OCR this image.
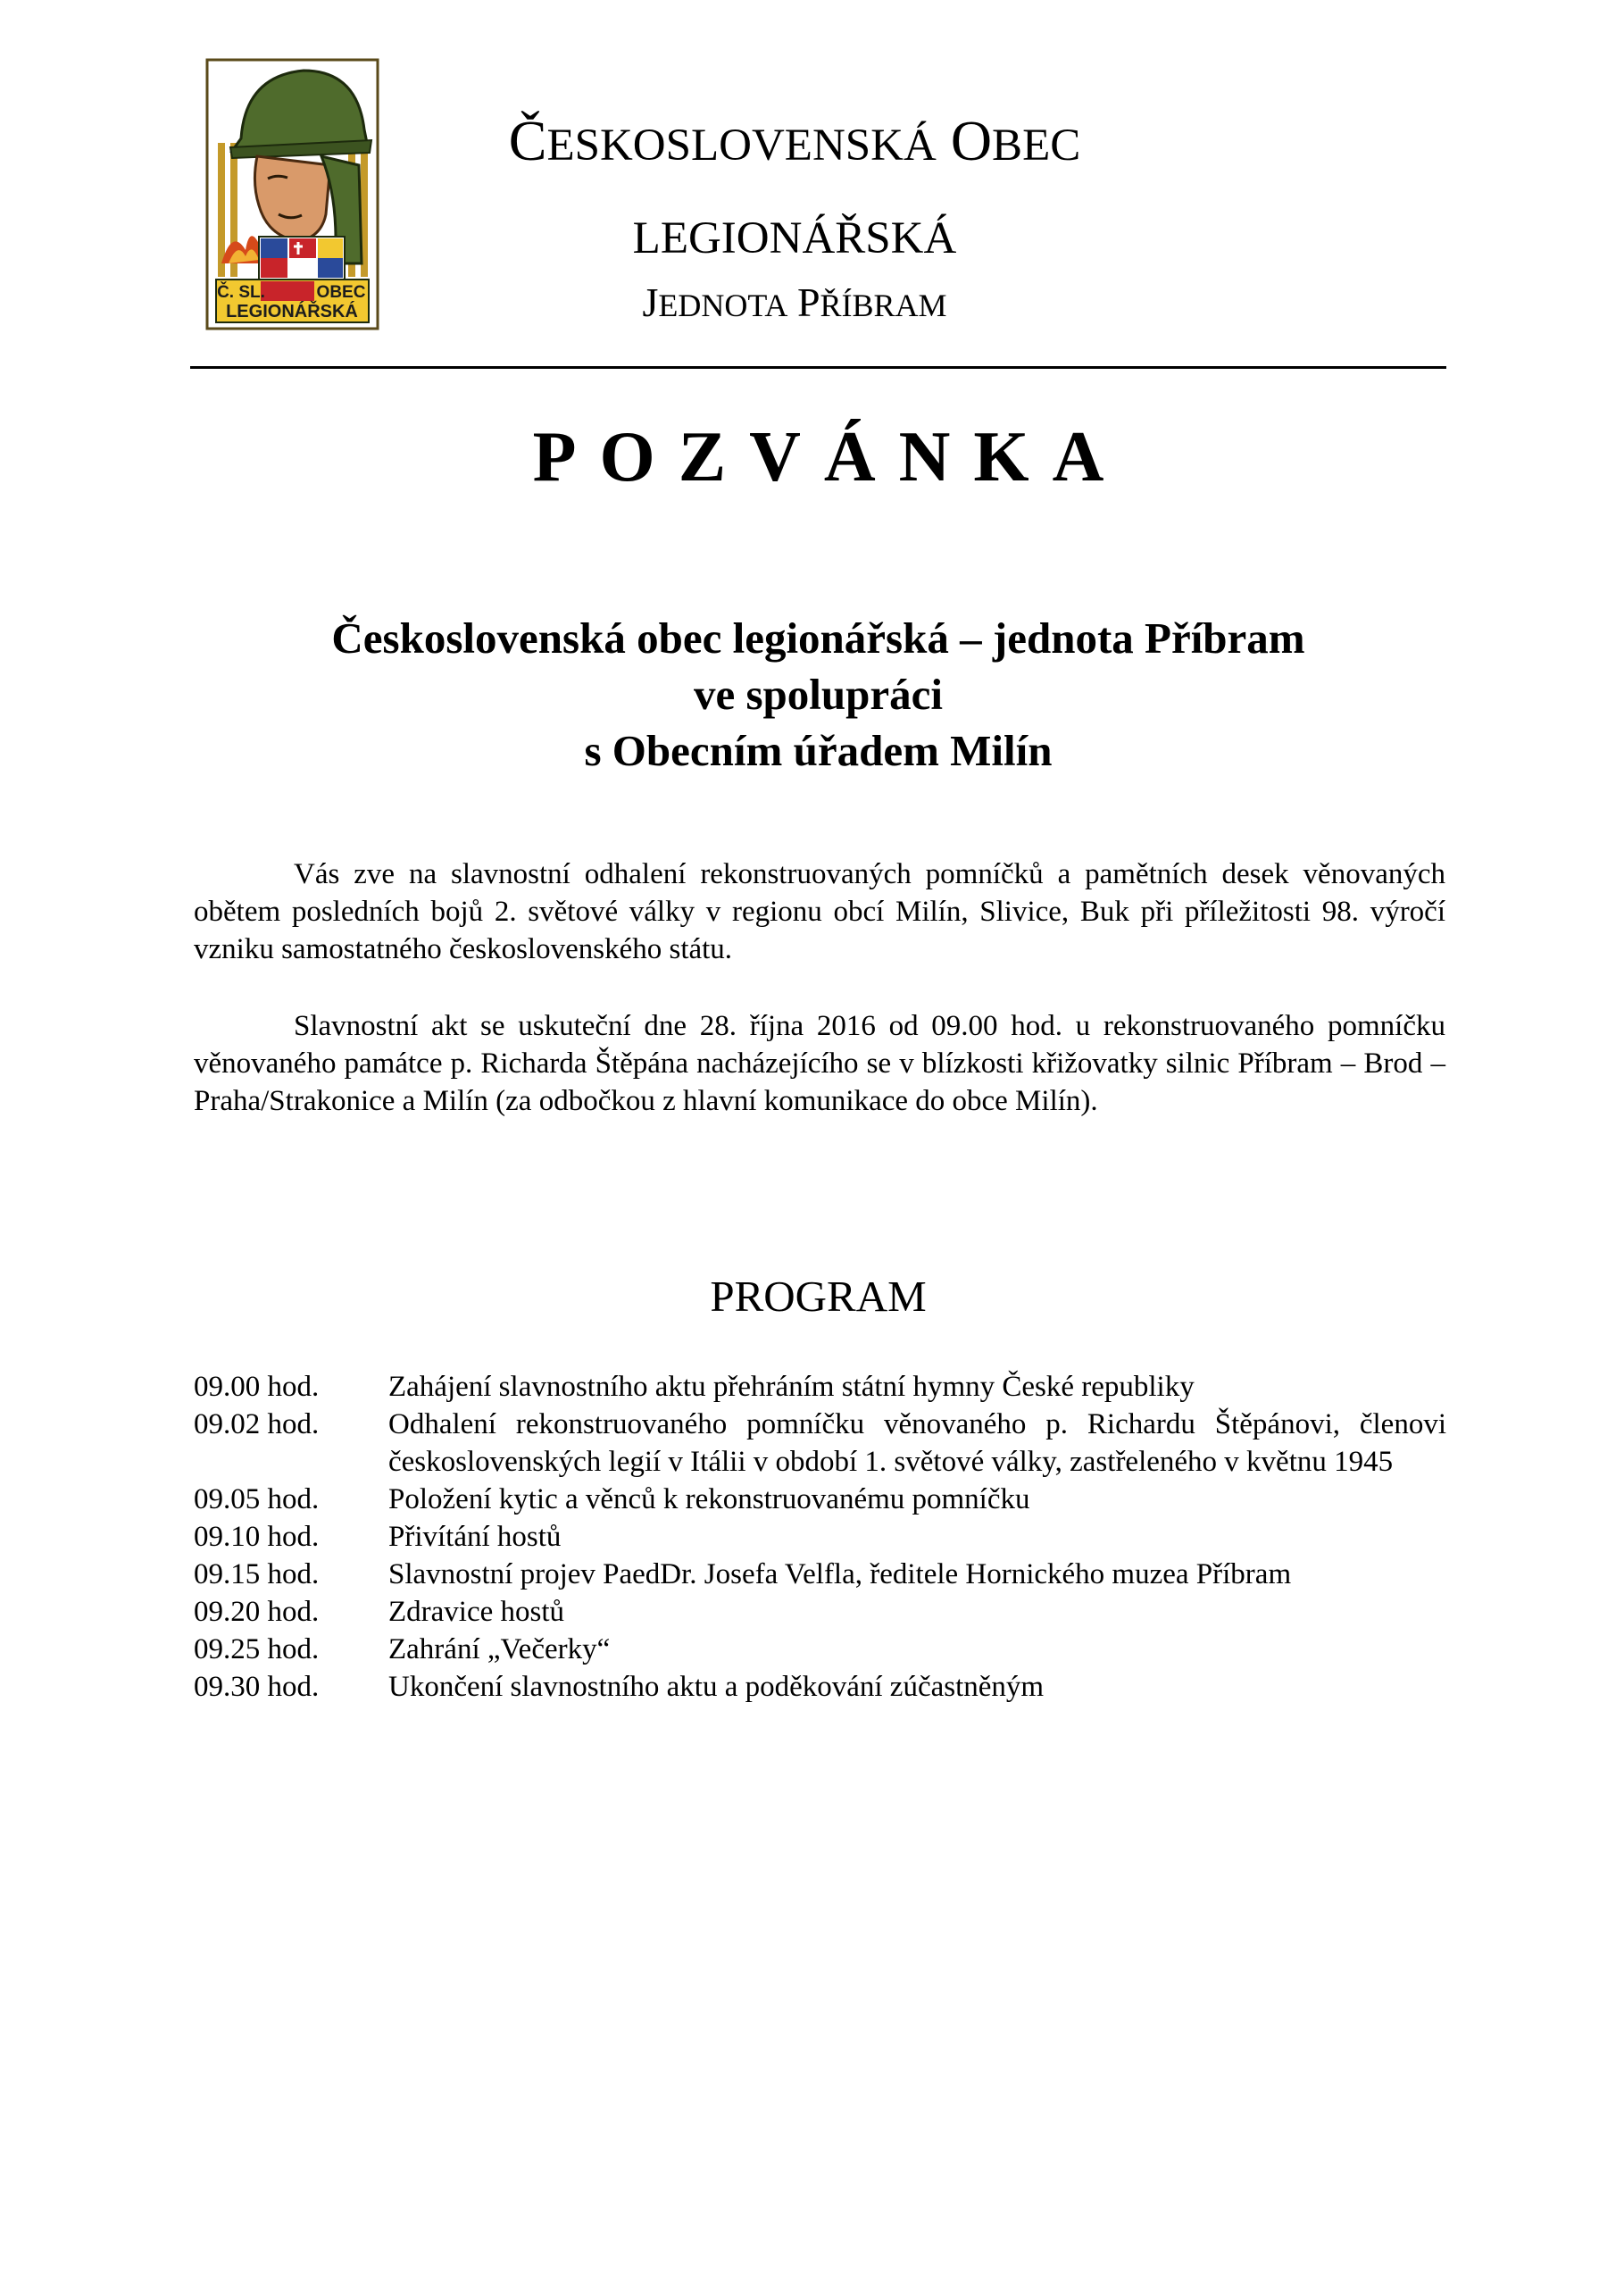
Č. SL.	OBEC
LEGIONÁŘSKÁ
ČESKOSLOVENSKÁ OBEC
LEGIONÁŘSKÁ
JEDNOTA PŘÍBRAM
POZVÁNKA
Československá obec legionářská – jednota Příbram
ve spolupráci
s Obecním úřadem Milín
Vás zve na slavnostní odhalení rekonstruovaných pomníčků a pamětních desek věnovaných obětem posledních bojů 2. světové války v regionu obcí Milín, Slivice, Buk při příležitosti 98. výročí vzniku samostatného československého státu.
Slavnostní akt se uskuteční dne 28. října 2016 od 09.00 hod. u rekonstruovaného pomníčku věnovaného památce p. Richarda Štěpána nacházejícího se v blízkosti křižovatky silnic Příbram – Brod – Praha/Strakonice a Milín (za odbočkou z hlavní komunikace do obce Milín).
PROGRAM
09.00 hod.	Zahájení slavnostního aktu přehráním státní hymny České republiky
09.02 hod.	Odhalení rekonstruovaného pomníčku věnovaného p. Richardu Štěpánovi, členovi československých legií v Itálii v období 1. světové války, zastřeleného v květnu 1945
09.05 hod.	Položení kytic a věnců k rekonstruovanému pomníčku
09.10 hod.	Přivítání hostů
09.15 hod.	Slavnostní projev PaedDr. Josefa Velfla, ředitele Hornického muzea Příbram
09.20 hod.	Zdravice hostů
09.25 hod.	Zahrání „Večerky“
09.30 hod.	Ukončení slavnostního aktu a poděkování zúčastněným
